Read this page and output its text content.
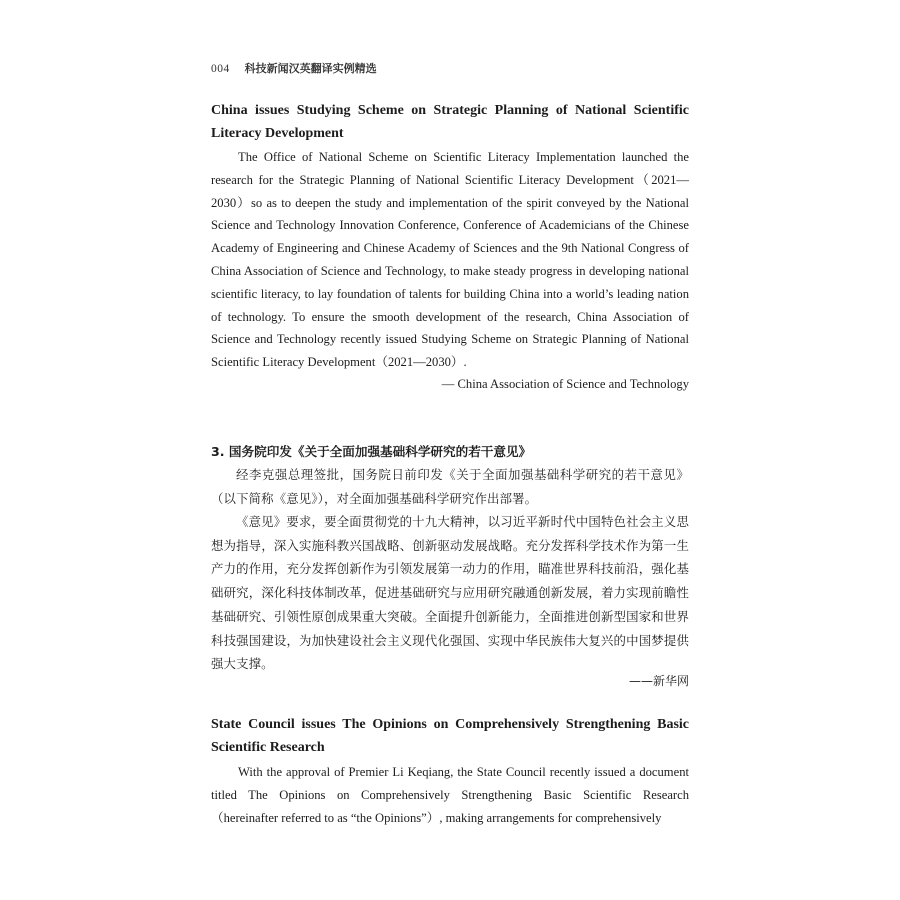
004 科技新闻汉英翻译实例精选

China issues Studying Scheme on Strategic Planning of National Scientific Literacy Development

The Office of National Scheme on Scientific Literacy Implementation launched the research for the Strategic Planning of National Scientific Literacy Development（2021—2030）so as to deepen the study and implementation of the spirit conveyed by the National Science and Technology Innovation Conference, Conference of Academicians of the Chinese Academy of Engineering and Chinese Academy of Sciences and the 9th National Congress of China Association of Science and Technology, to make steady progress in developing national scientific literacy, to lay foundation of talents for building China into a world’s leading nation of technology. To ensure the smooth development of the research, China Association of Science and Technology recently issued Studying Scheme on Strategic Planning of National Scientific Literacy Development（2021—2030）.

— China Association of Science and Technology

3. 国务院印发《关于全面加强基础科学研究的若干意见》

经李克强总理签批，国务院日前印发《关于全面加强基础科学研究的若干意见》（以下简称《意见》），对全面加强基础科学研究作出部署。

《意见》要求，要全面贯彻党的十九大精神，以习近平新时代中国特色社会主义思想为指导，深入实施科教兴国战略、创新驱动发展战略。充分发挥科学技术作为第一生产力的作用，充分发挥创新作为引领发展第一动力的作用，瞄准世界科技前沿，强化基础研究，深化科技体制改革，促进基础研究与应用研究融通创新发展，着力实现前瞻性基础研究、引领性原创成果重大突破。全面提升创新能力，全面推进创新型国家和世界科技强国建设，为加快建设社会主义现代化强国、实现中华民族伟大复兴的中国梦提供强大支撑。

——新华网

State Council issues The Opinions on Comprehensively Strengthening Basic Scientific Research

With the approval of Premier Li Keqiang, the State Council recently issued a document titled The Opinions on Comprehensively Strengthening Basic Scientific Research（hereinafter referred to as “the Opinions”）, making arrangements for comprehensively
